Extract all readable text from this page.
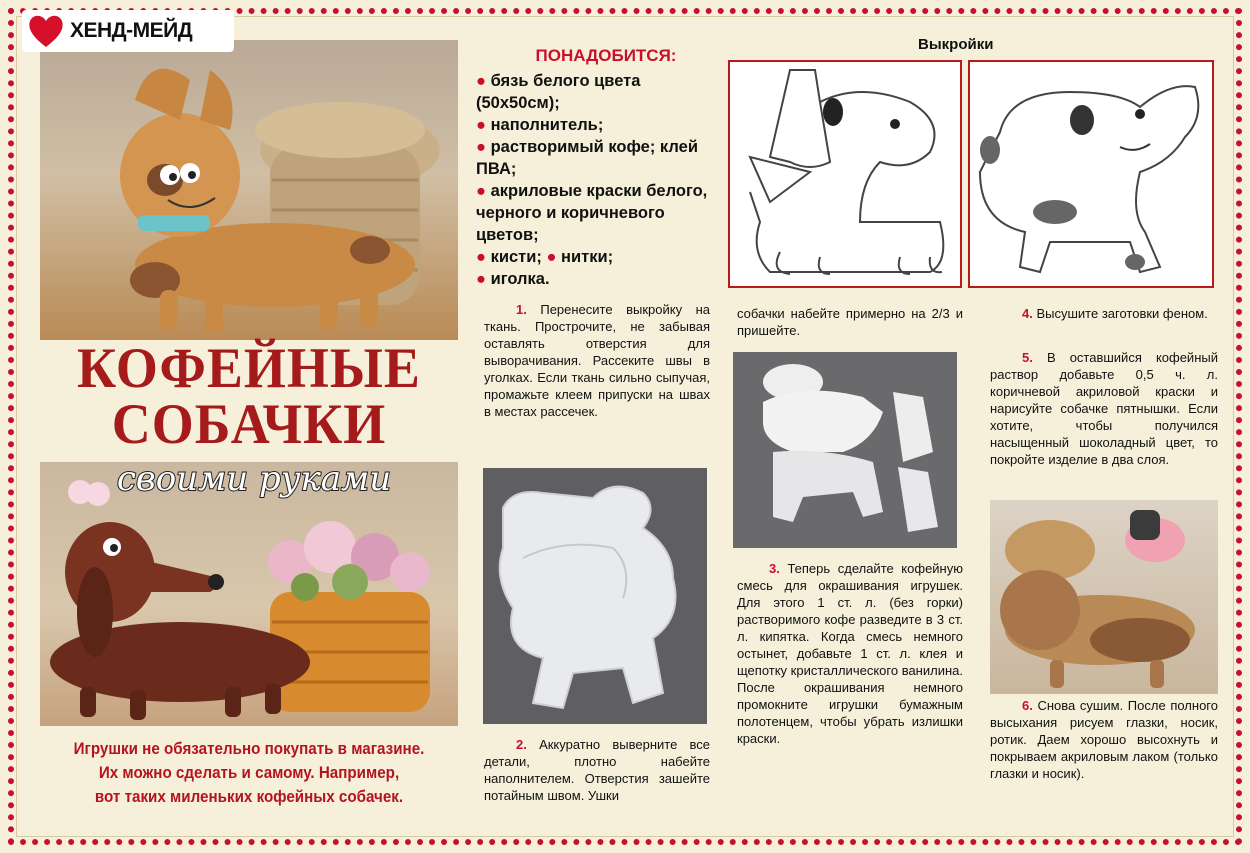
ХЕНД-МЕЙД
КОФЕЙНЫЕ
СОБАЧКИ
своими руками
Игрушки не обязательно покупать в магазине.
Их можно сделать и самому. Например,
вот таких миленьких кофейных собачек.
ПОНАДОБИТСЯ:
● бязь белого цвета (50х50см);
● наполнитель;
● растворимый кофе; клей ПВА;
● акриловые краски белого, черного и коричневого цветов;
● кисти; ● нитки;
● иголка.
Выкройки
1. Перенесите выкройку на ткань. Прострочите, не забывая оставлять отверстия для выворачивания. Рассеките швы в уголках. Если ткань сильно сыпучая, промажьте клеем припуски на швах в местах рассечек.
2. Аккуратно выверните все детали, плотно набейте наполнителем. Отверстия зашейте потайным швом. Ушки
собачки набейте примерно на 2/3 и пришейте.
3. Теперь сделайте кофейную смесь для окрашивания игрушек. Для этого 1 ст. л. (без горки) растворимого кофе разведите в 3 ст. л. кипятка. Когда смесь немного остынет, добавьте 1 ст. л. клея и щепотку кристаллического ванилина. После окрашивания немного промокните игрушки бумажным полотенцем, чтобы убрать излишки краски.
4. Высушите заготовки феном.
5. В оставшийся кофейный раствор добавьте 0,5 ч. л. коричневой акриловой краски и нарисуйте собачке пятнышки. Если хотите, чтобы получился насыщенный шоколадный цвет, то покройте изделие в два слоя.
6. Снова сушим. После полного высыхания рисуем глазки, носик, ротик. Даем хорошо высохнуть и покрываем акриловым лаком (только глазки и носик).
